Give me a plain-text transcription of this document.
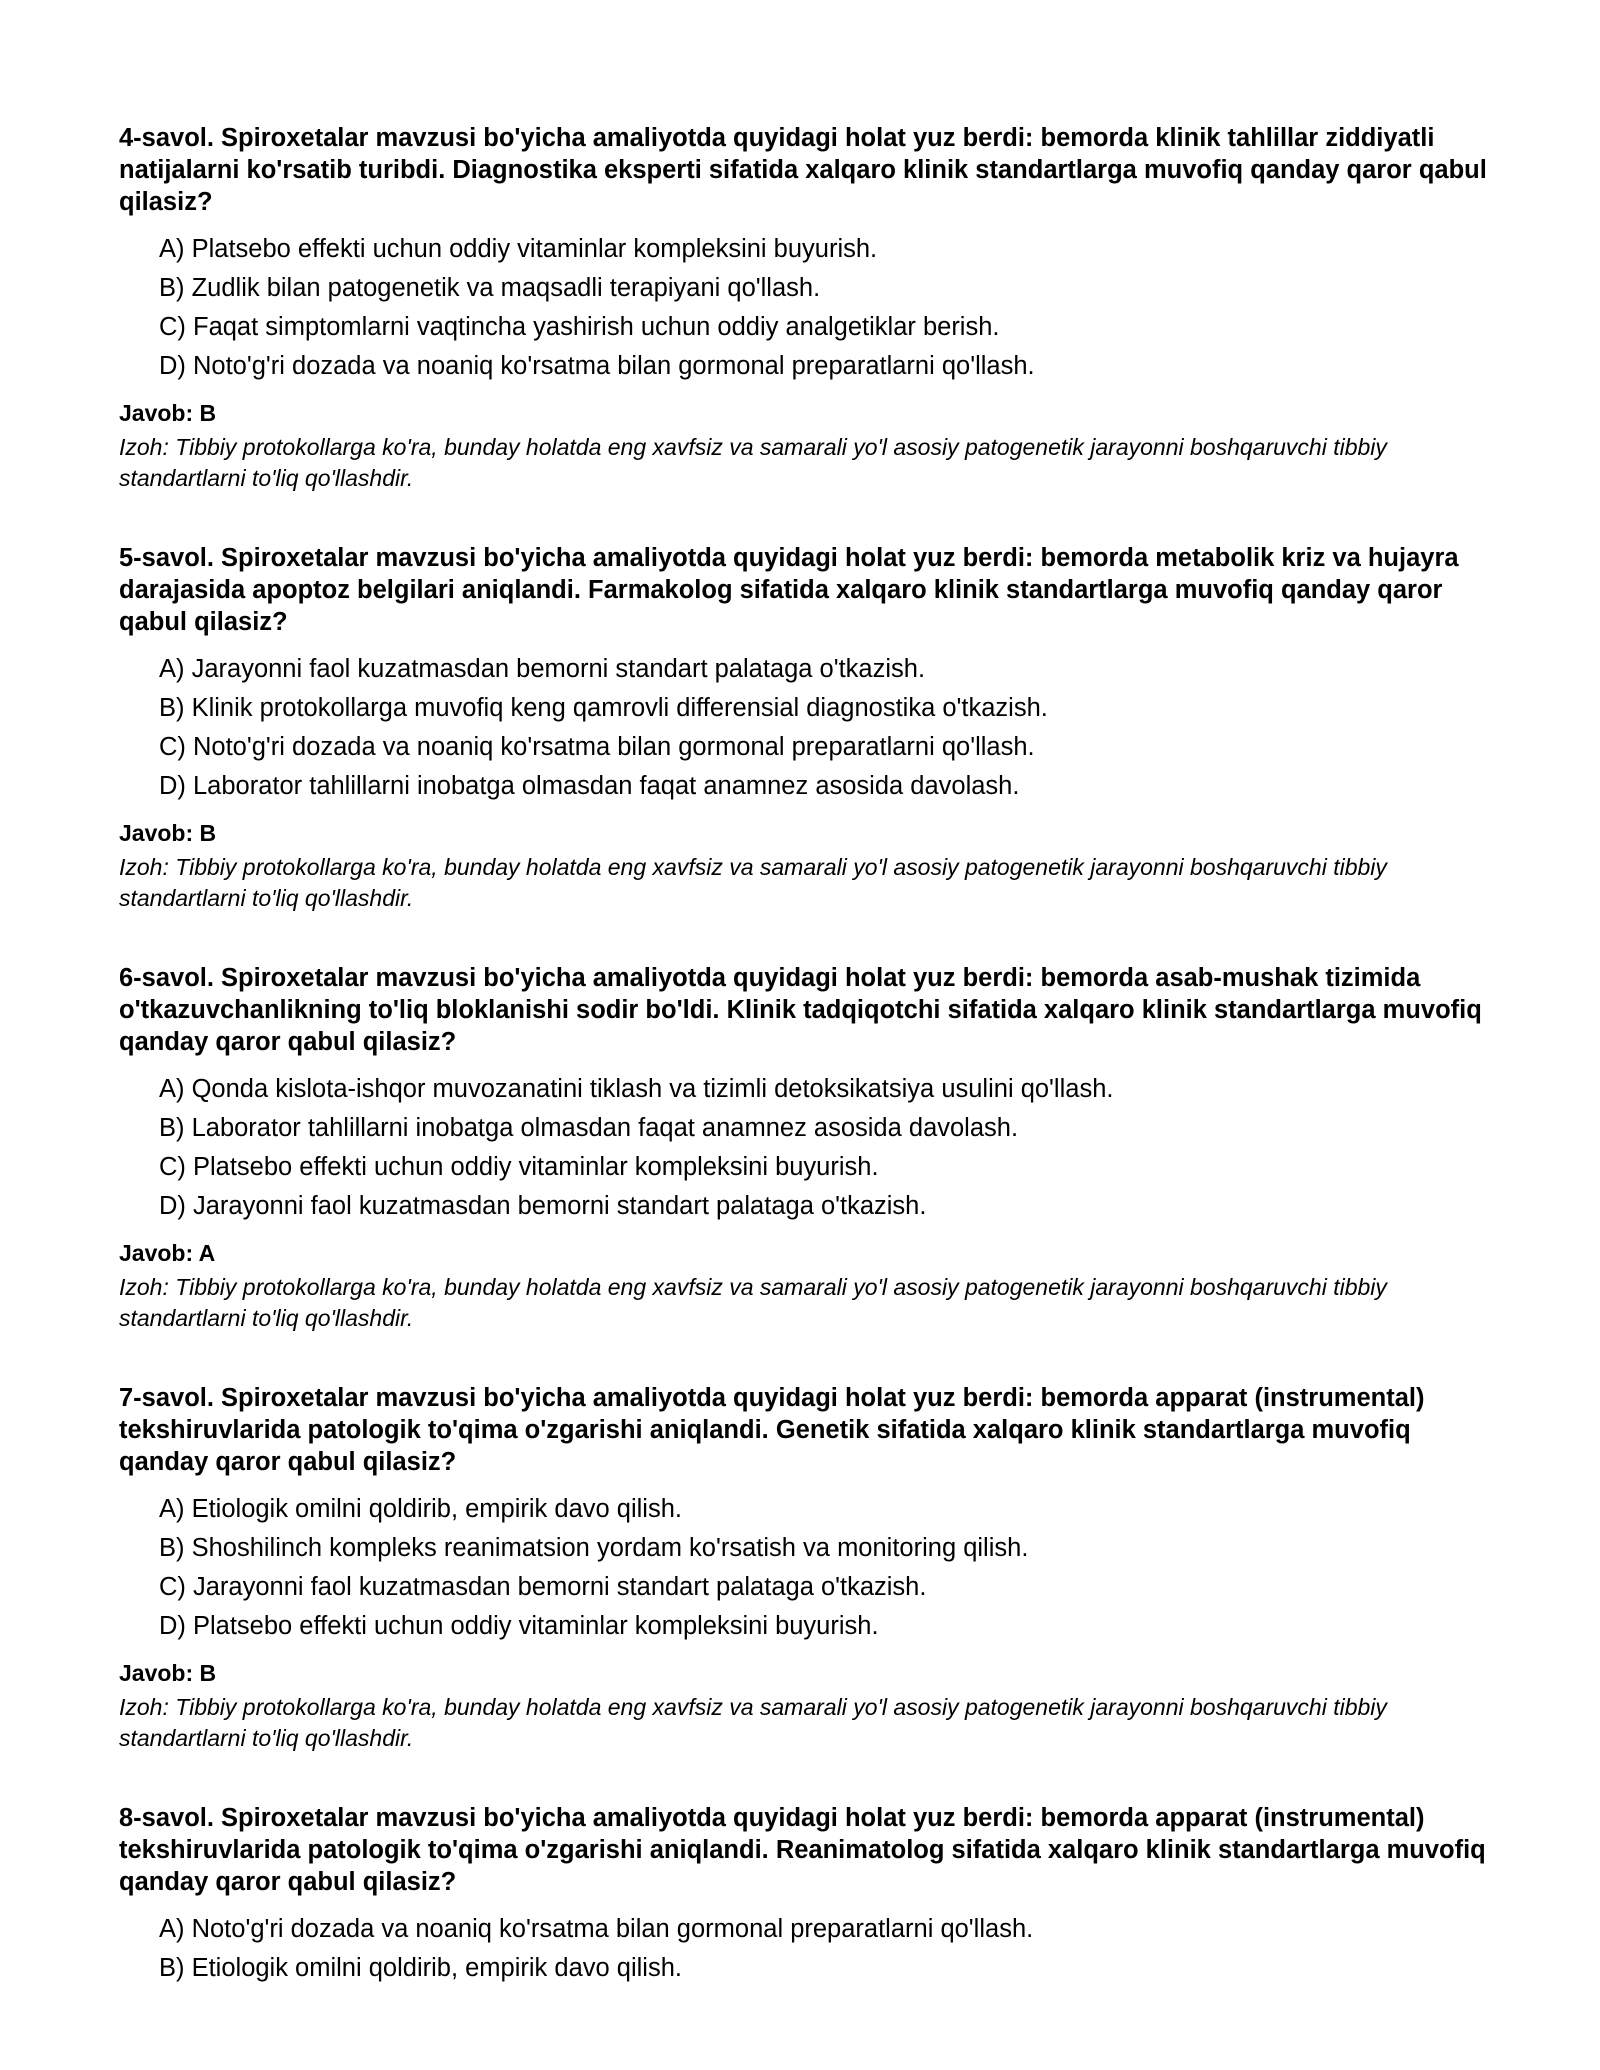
4-savol. Spiroxetalar mavzusi bo'yicha amaliyotda quyidagi holat yuz berdi: bemorda klinik tahlillar ziddiyatli natijalarni ko'rsatib turibdi. Diagnostika eksperti sifatida xalqaro klinik standartlarga muvofiq qanday qaror qabul qilasiz?
A) Platsebo effekti uchun oddiy vitaminlar kompleksini buyurish.
B) Zudlik bilan patogenetik va maqsadli terapiyani qo'llash.
C) Faqat simptomlarni vaqtincha yashirish uchun oddiy analgetiklar berish.
D) Noto'g'ri dozada va noaniq ko'rsatma bilan gormonal preparatlarni qo'llash.
Javob: B

Izoh: Tibbiy protokollarga ko'ra, bunday holatda eng xavfsiz va samarali yo'l asosiy patogenetik jarayonni boshqaruvchi tibbiy standartlarni to'liq qo'llashdir.

5-savol. Spiroxetalar mavzusi bo'yicha amaliyotda quyidagi holat yuz berdi: bemorda metabolik kriz va hujayra darajasida apoptoz belgilari aniqlandi. Farmakolog sifatida xalqaro klinik standartlarga muvofiq qanday qaror qabul qilasiz?
A) Jarayonni faol kuzatmasdan bemorni standart palataga o'tkazish.
B) Klinik protokollarga muvofiq keng qamrovli differensial diagnostika o'tkazish.
C) Noto'g'ri dozada va noaniq ko'rsatma bilan gormonal preparatlarni qo'llash.
D) Laborator tahlillarni inobatga olmasdan faqat anamnez asosida davolash.
Javob: B

Izoh: Tibbiy protokollarga ko'ra, bunday holatda eng xavfsiz va samarali yo'l asosiy patogenetik jarayonni boshqaruvchi tibbiy standartlarni to'liq qo'llashdir.

6-savol. Spiroxetalar mavzusi bo'yicha amaliyotda quyidagi holat yuz berdi: bemorda asab-mushak tizimida o'tkazuvchanlikning to'liq bloklanishi sodir bo'ldi. Klinik tadqiqotchi sifatida xalqaro klinik standartlarga muvofiq qanday qaror qabul qilasiz?
A) Qonda kislota-ishqor muvozanatini tiklash va tizimli detoksikatsiya usulini qo'llash.
B) Laborator tahlillarni inobatga olmasdan faqat anamnez asosida davolash.
C) Platsebo effekti uchun oddiy vitaminlar kompleksini buyurish.
D) Jarayonni faol kuzatmasdan bemorni standart palataga o'tkazish.
Javob: A

Izoh: Tibbiy protokollarga ko'ra, bunday holatda eng xavfsiz va samarali yo'l asosiy patogenetik jarayonni boshqaruvchi tibbiy standartlarni to'liq qo'llashdir.

7-savol. Spiroxetalar mavzusi bo'yicha amaliyotda quyidagi holat yuz berdi: bemorda apparat (instrumental) tekshiruvlarida patologik to'qima o'zgarishi aniqlandi. Genetik sifatida xalqaro klinik standartlarga muvofiq qanday qaror qabul qilasiz?
A) Etiologik omilni qoldirib, empirik davo qilish.
B) Shoshilinch kompleks reanimatsion yordam ko'rsatish va monitoring qilish.
C) Jarayonni faol kuzatmasdan bemorni standart palataga o'tkazish.
D) Platsebo effekti uchun oddiy vitaminlar kompleksini buyurish.
Javob: B

Izoh: Tibbiy protokollarga ko'ra, bunday holatda eng xavfsiz va samarali yo'l asosiy patogenetik jarayonni boshqaruvchi tibbiy standartlarni to'liq qo'llashdir.

8-savol. Spiroxetalar mavzusi bo'yicha amaliyotda quyidagi holat yuz berdi: bemorda apparat (instrumental) tekshiruvlarida patologik to'qima o'zgarishi aniqlandi. Reanimatolog sifatida xalqaro klinik standartlarga muvofiq qanday qaror qabul qilasiz?
A) Noto'g'ri dozada va noaniq ko'rsatma bilan gormonal preparatlarni qo'llash.
B) Etiologik omilni qoldirib, empirik davo qilish.
